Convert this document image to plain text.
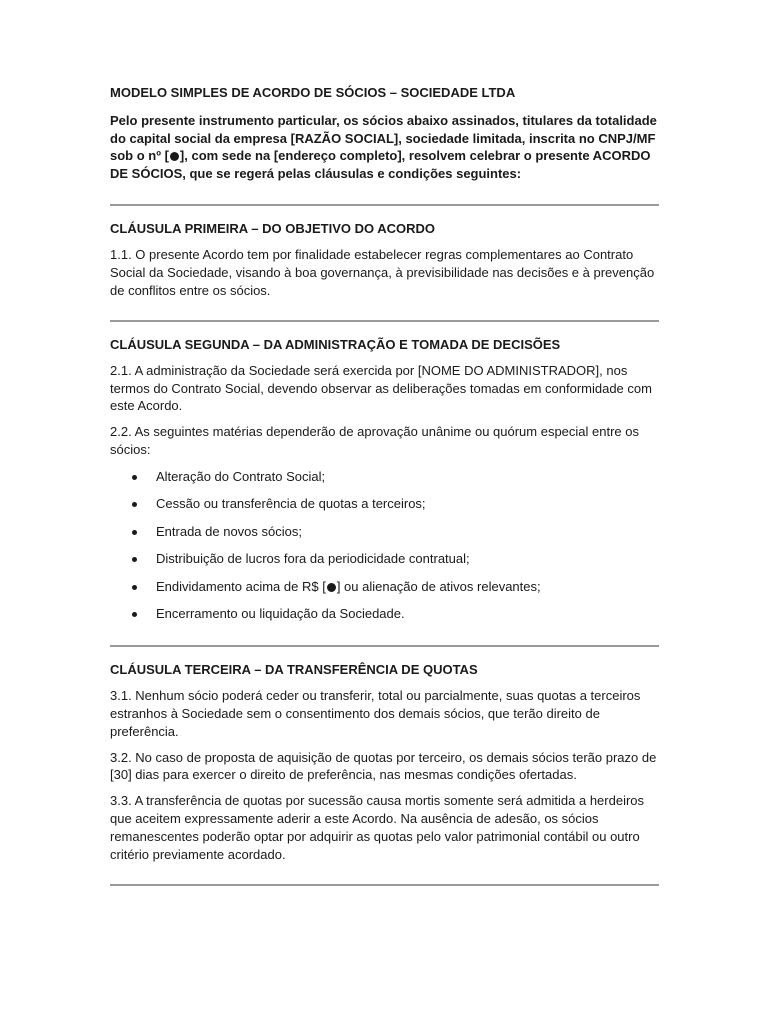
MODELO SIMPLES DE ACORDO DE SÓCIOS – SOCIEDADE LTDA

Pelo presente instrumento particular, os sócios abaixo assinados, titulares da totalidade do capital social da empresa [RAZÃO SOCIAL], sociedade limitada, inscrita no CNPJ/MF sob o nº [ ], com sede na [endereço completo], resolvem celebrar o presente ACORDO DE SÓCIOS, que se regerá pelas cláusulas e condições seguintes:

CLÁUSULA PRIMEIRA – DO OBJETIVO DO ACORDO

1.1. O presente Acordo tem por finalidade estabelecer regras complementares ao Contrato Social da Sociedade, visando à boa governança, à previsibilidade nas decisões e à prevenção de conflitos entre os sócios.

CLÁUSULA SEGUNDA – DA ADMINISTRAÇÃO E TOMADA DE DECISÕES

2.1. A administração da Sociedade será exercida por [NOME DO ADMINISTRADOR], nos termos do Contrato Social, devendo observar as deliberações tomadas em conformidade com este Acordo.

2.2. As seguintes matérias dependerão de aprovação unânime ou quórum especial entre os sócios:

Alteração do Contrato Social;
Cessão ou transferência de quotas a terceiros;
Entrada de novos sócios;
Distribuição de lucros fora da periodicidade contratual;
Endividamento acima de R$ [ ] ou alienação de ativos relevantes;
Encerramento ou liquidação da Sociedade.

CLÁUSULA TERCEIRA – DA TRANSFERÊNCIA DE QUOTAS

3.1. Nenhum sócio poderá ceder ou transferir, total ou parcialmente, suas quotas a terceiros estranhos à Sociedade sem o consentimento dos demais sócios, que terão direito de preferência.

3.2. No caso de proposta de aquisição de quotas por terceiro, os demais sócios terão prazo de [30] dias para exercer o direito de preferência, nas mesmas condições ofertadas.

3.3. A transferência de quotas por sucessão causa mortis somente será admitida a herdeiros que aceitem expressamente aderir a este Acordo. Na ausência de adesão, os sócios remanescentes poderão optar por adquirir as quotas pelo valor patrimonial contábil ou outro critério previamente acordado.
